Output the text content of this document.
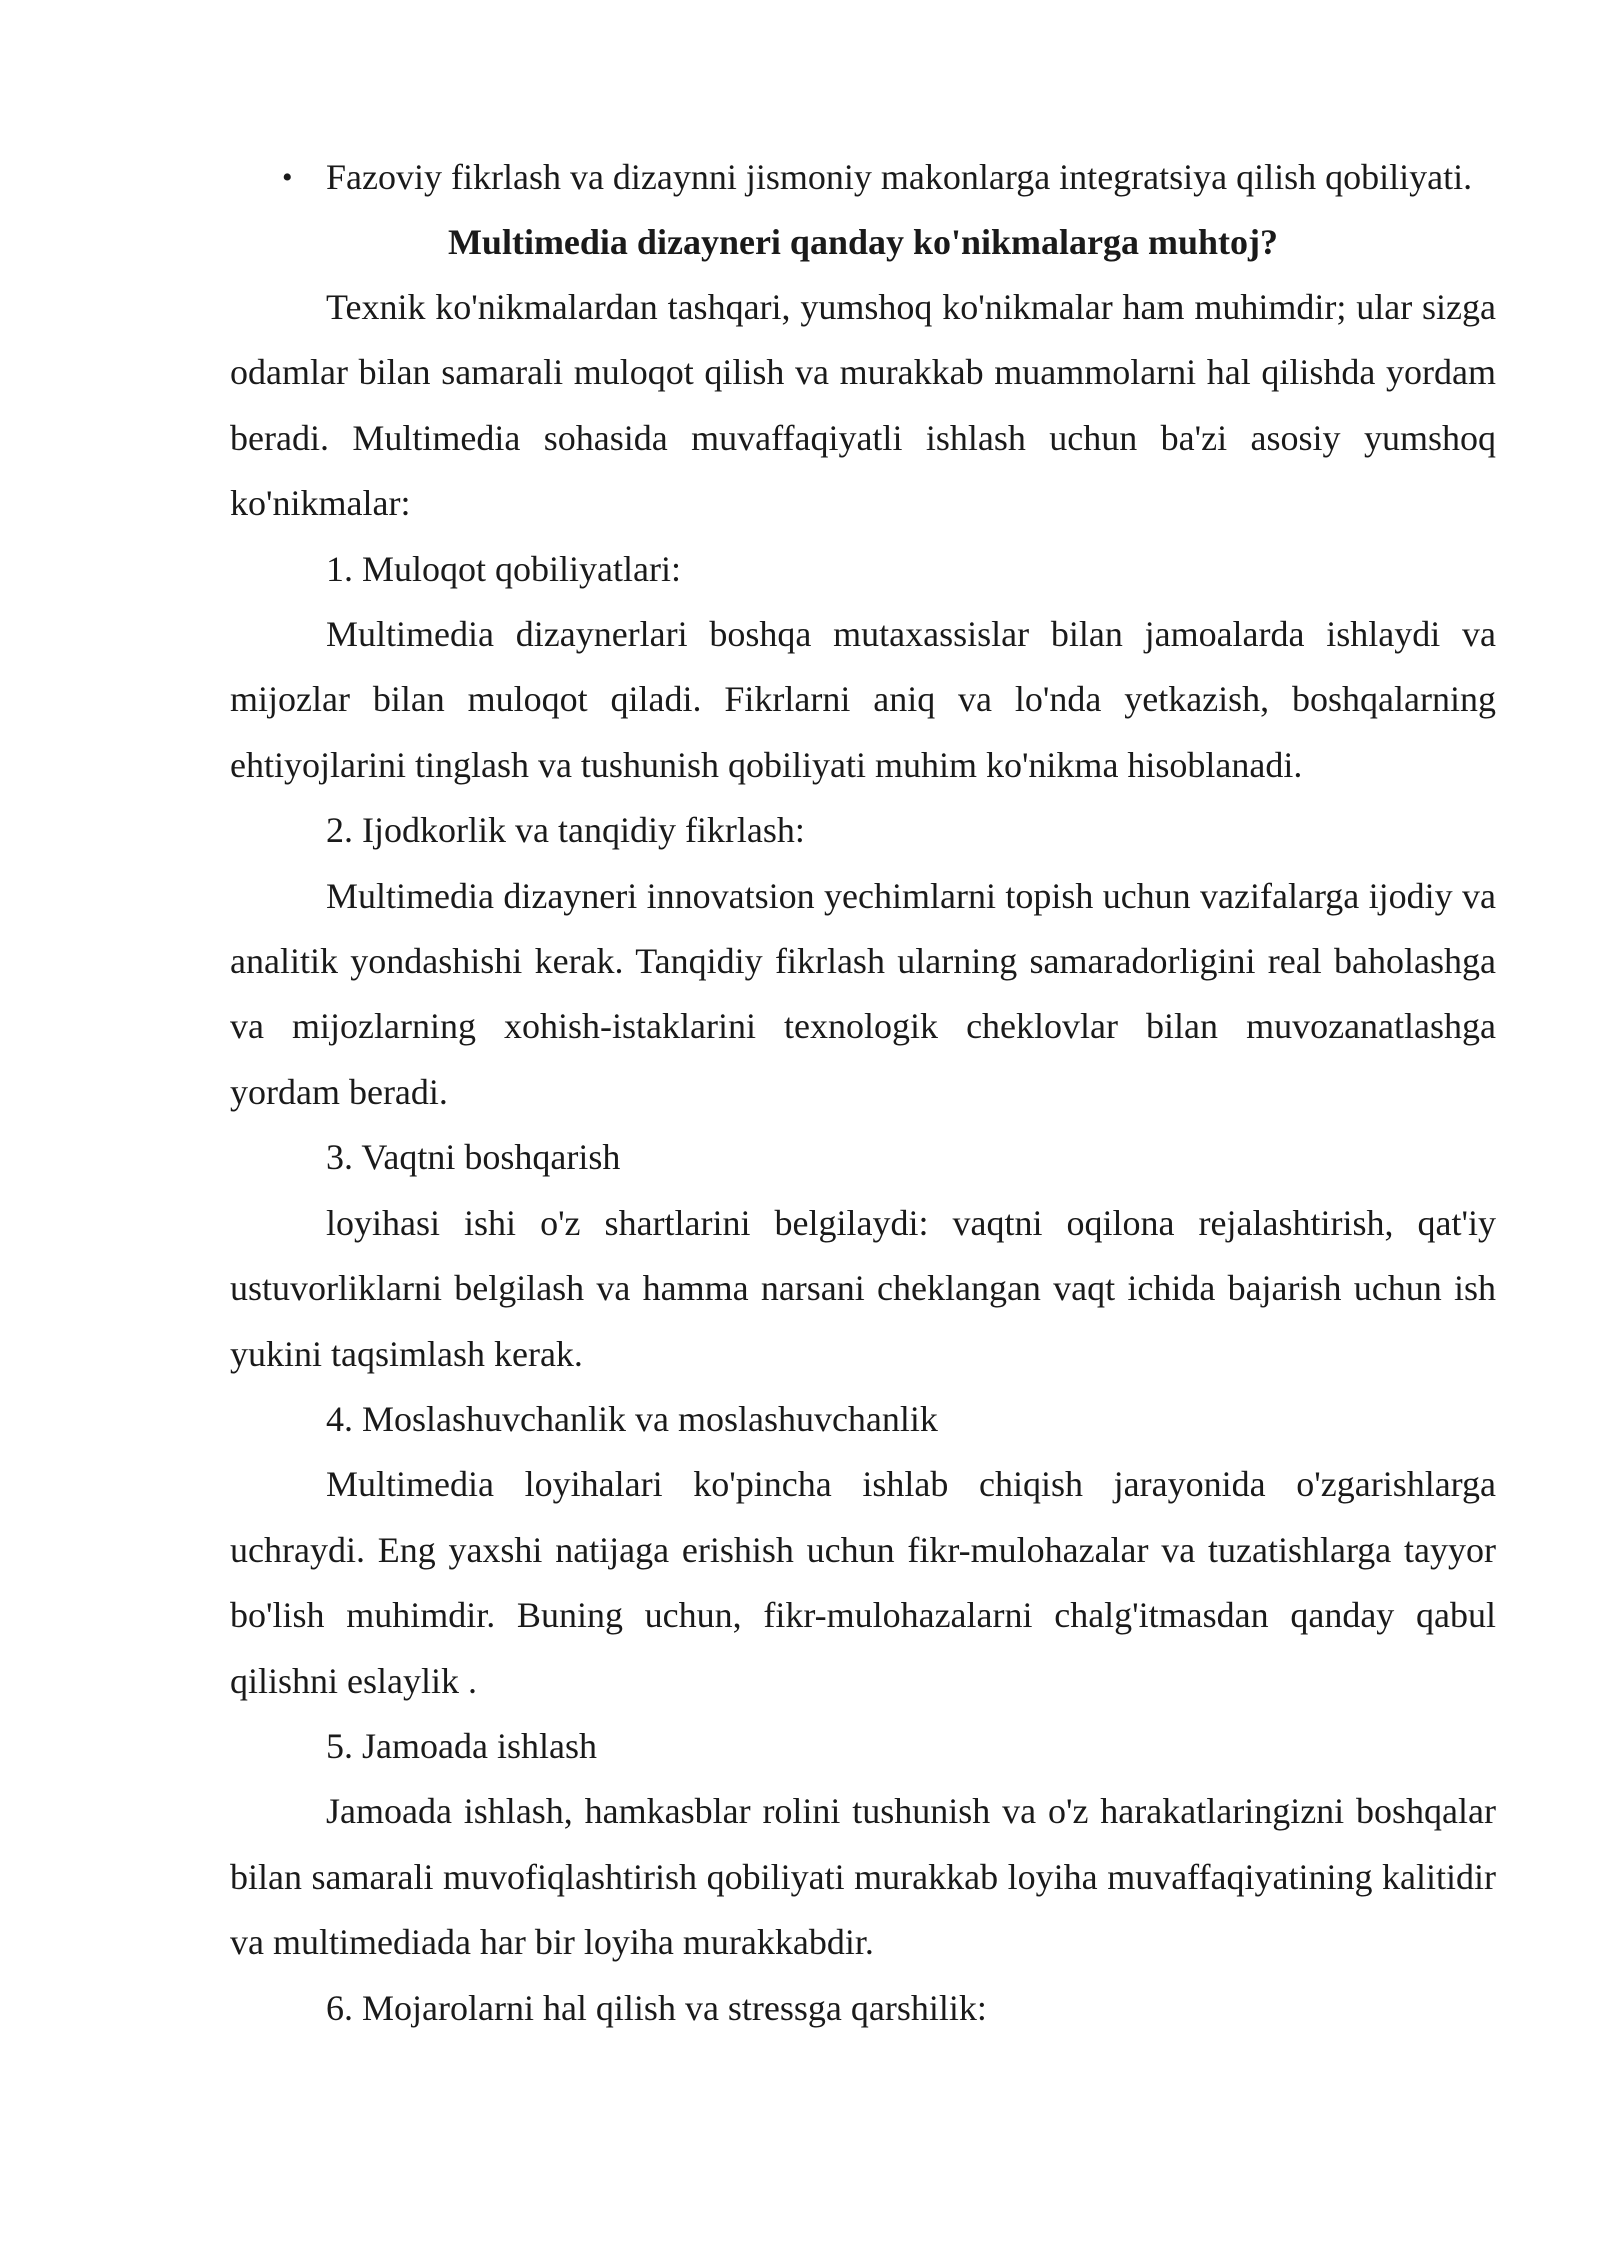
• Fazoviy fikrlash va dizaynni jismoniy makonlarga integratsiya qilish qobiliyati.
Multimedia dizayneri qanday ko'nikmalarga muhtoj?

Texnik ko'nikmalardan tashqari, yumshoq ko'nikmalar ham muhimdir; ular sizga odamlar bilan samarali muloqot qilish va murakkab muammolarni hal qilishda yordam beradi. Multimedia sohasida muvaffaqiyatli ishlash uchun ba'zi asosiy yumshoq ko'nikmalar:

1. Muloqot qobiliyatlari:

Multimedia dizaynerlari boshqa mutaxassislar bilan jamoalarda ishlaydi va mijozlar bilan muloqot qiladi. Fikrlarni aniq va lo'nda yetkazish, boshqalarning ehtiyojlarini tinglash va tushunish qobiliyati muhim ko'nikma hisoblanadi.

2. Ijodkorlik va tanqidiy fikrlash:

Multimedia dizayneri innovatsion yechimlarni topish uchun vazifalarga ijodiy va analitik yondashishi kerak. Tanqidiy fikrlash ularning samaradorligini real baholashga va mijozlarning xohish-istaklarini texnologik cheklovlar bilan muvozanatlashga yordam beradi.

3. Vaqtni boshqarish

loyihasi ishi o'z shartlarini belgilaydi: vaqtni oqilona rejalashtirish, qat'iy ustuvorliklarni belgilash va hamma narsani cheklangan vaqt ichida bajarish uchun ish yukini taqsimlash kerak.

4. Moslashuvchanlik va moslashuvchanlik

Multimedia loyihalari ko'pincha ishlab chiqish jarayonida o'zgarishlarga uchraydi. Eng yaxshi natijaga erishish uchun fikr-mulohazalar va tuzatishlarga tayyor bo'lish muhimdir. Buning uchun, fikr-mulohazalarni chalg'itmasdan qanday qabul qilishni eslaylik .

5. Jamoada ishlash

Jamoada ishlash, hamkasblar rolini tushunish va o'z harakatlaringizni boshqalar bilan samarali muvofiqlashtirish qobiliyati murakkab loyiha muvaffaqiyatining kalitidir va multimediada har bir loyiha murakkabdir.

6. Mojarolarni hal qilish va stressga qarshilik:
